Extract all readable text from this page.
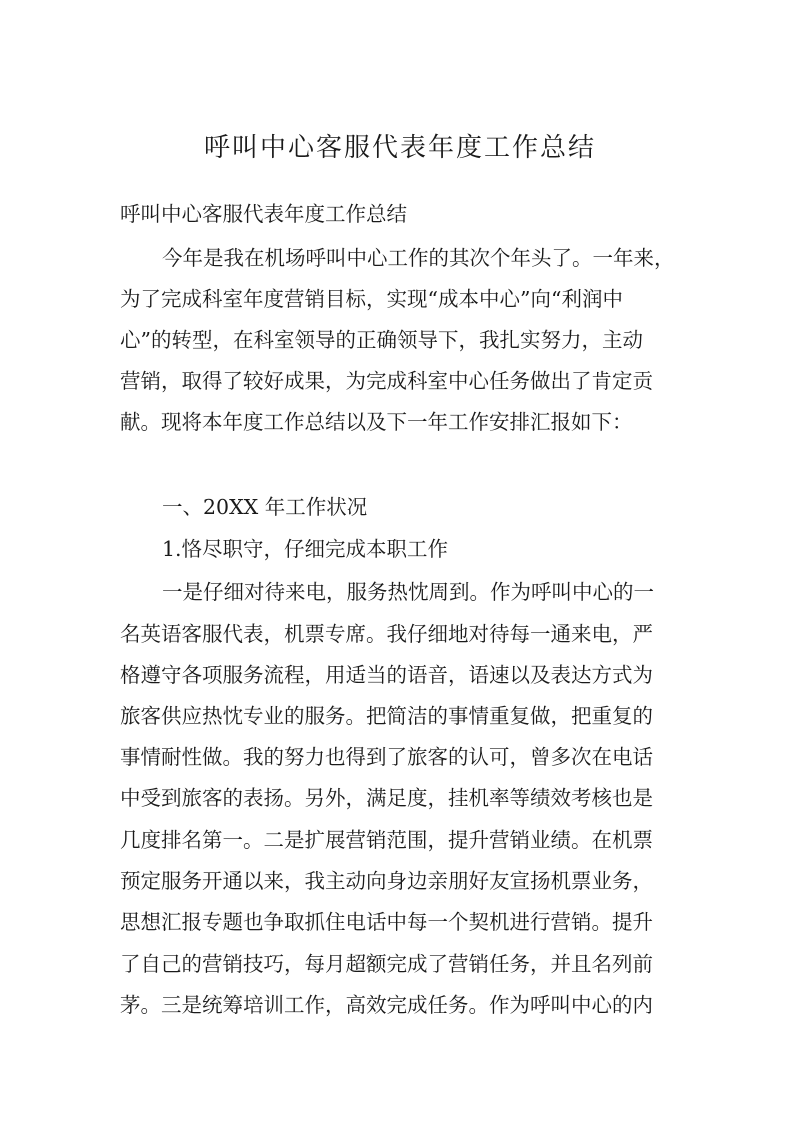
呼叫中心客服代表年度工作总结

呼叫中心客服代表年度工作总结

今年是我在机场呼叫中心工作的其次个年头了。一年来，

为了完成科室年度营销目标，实现“成本中心”向“利润中

心”的转型，在科室领导的正确领导下，我扎实努力，主动

营销，取得了较好成果，为完成科室中心任务做出了肯定贡

献。现将本年度工作总结以及下一年工作安排汇报如下：

一、20XX 年工作状况

1.恪尽职守，仔细完成本职工作

一是仔细对待来电，服务热忱周到。作为呼叫中心的一

名英语客服代表，机票专席。我仔细地对待每一通来电，严

格遵守各项服务流程，用适当的语音，语速以及表达方式为

旅客供应热忱专业的服务。把简洁的事情重复做，把重复的

事情耐性做。我的努力也得到了旅客的认可，曾多次在电话

中受到旅客的表扬。另外，满足度，挂机率等绩效考核也是

几度排名第一。二是扩展营销范围，提升营销业绩。在机票

预定服务开通以来，我主动向身边亲朋好友宣扬机票业务，

思想汇报专题也争取抓住电话中每一个契机进行营销。提升

了自己的营销技巧，每月超额完成了营销任务，并且名列前

茅。三是统筹培训工作，高效完成任务。作为呼叫中心的内
